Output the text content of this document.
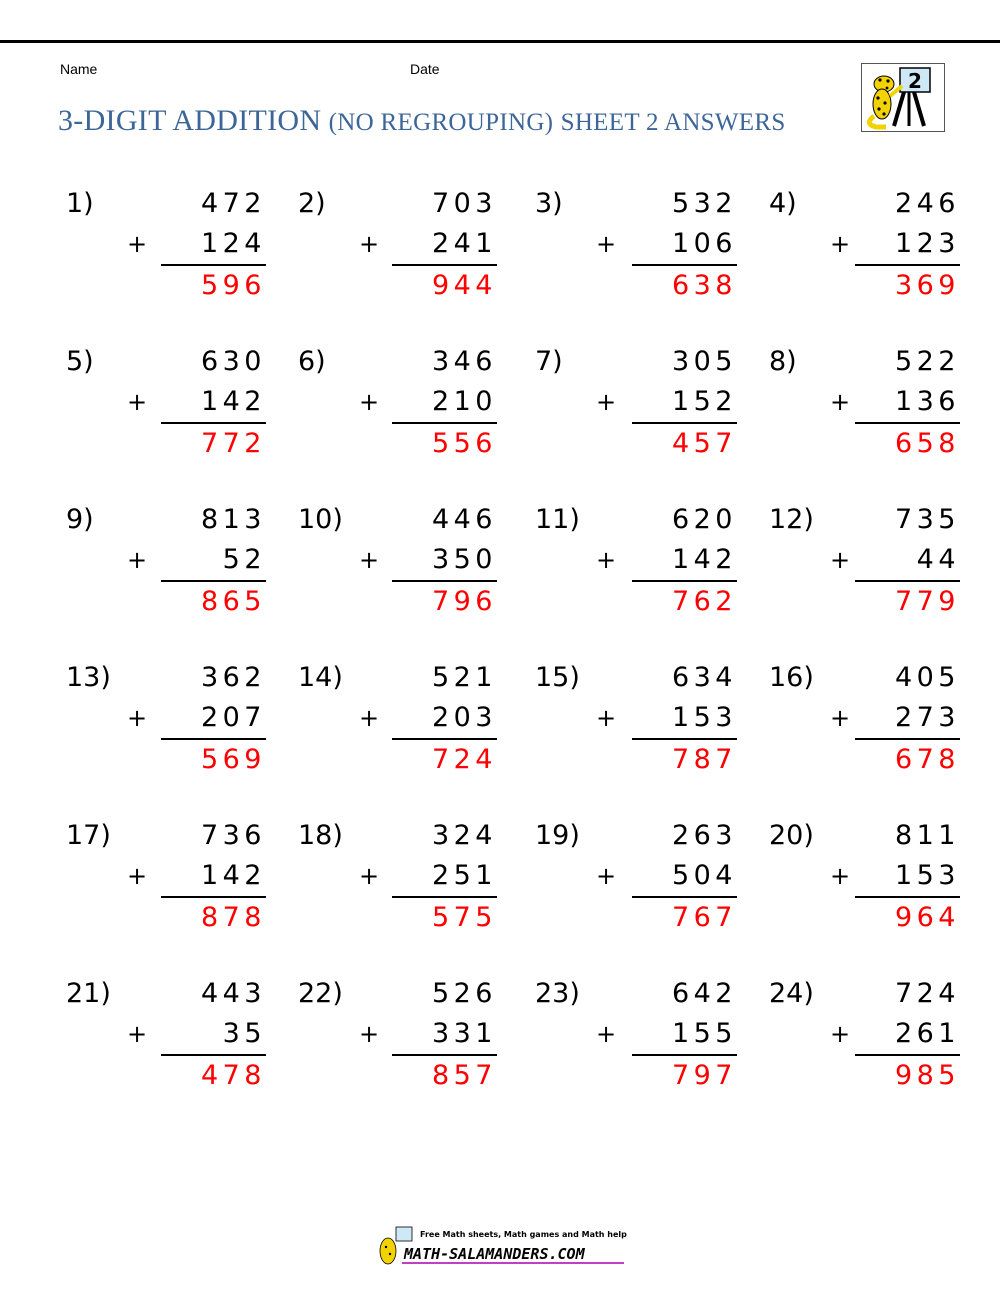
Name	Date
3-DIGIT ADDITION (NO REGROUPING) SHEET 2 ANSWERS
2
1)
+
472
124
596
2)
+
703
241
944
3)
+
532
106
638
4)
+
246
123
369
5)
+
630
142
772
6)
+
346
210
556
7)
+
305
152
457
8)
+
522
136
658
9)
+
813
52
865
10)
+
446
350
796
11)
+
620
142
762
12)
+
735
44
779
13)
+
362
207
569
14)
+
521
203
724
15)
+
634
153
787
16)
+
405
273
678
17)
+
736
142
878
18)
+
324
251
575
19)
+
263
504
767
20)
+
811
153
964
21)
+
443
35
478
22)
+
526
331
857
23)
+
642
155
797
24)
+
724
261
985
Free Math sheets, Math games and Math help
MATH-SALAMANDERS.COM
